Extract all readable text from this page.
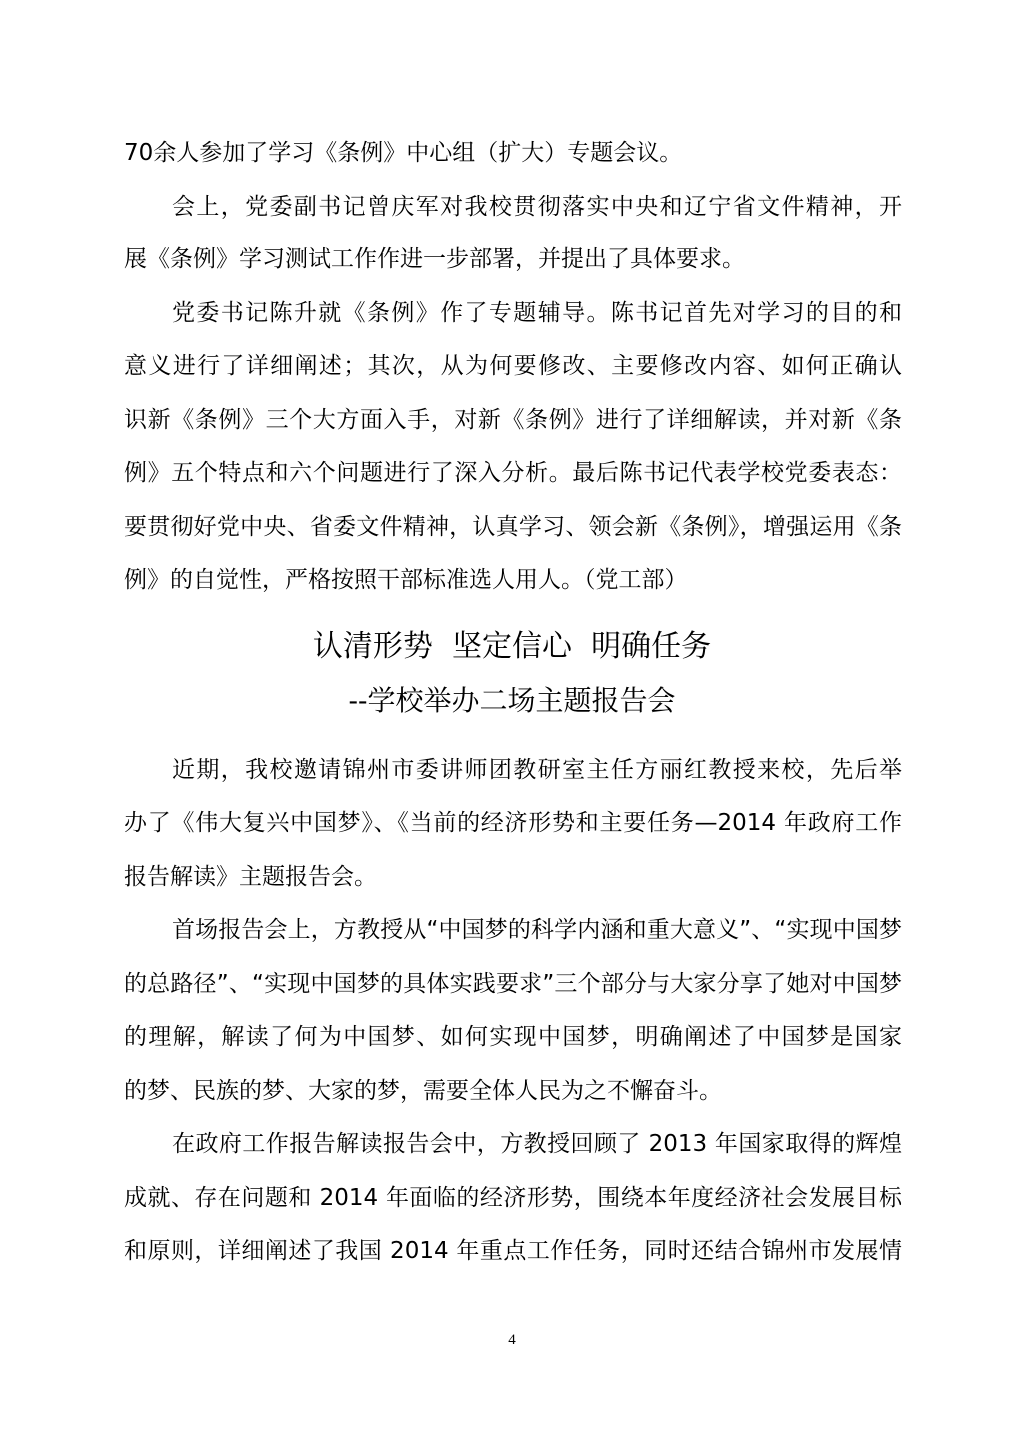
70余人参加了学习《条例》中心组（扩大）专题会议。
会上，党委副书记曾庆军对我校贯彻落实中央和辽宁省文件精神，开
展《条例》学习测试工作作进一步部署，并提出了具体要求。
党委书记陈升就《条例》作了专题辅导。陈书记首先对学习的目的和
意义进行了详细阐述；其次，从为何要修改、主要修改内容、如何正确认
识新《条例》三个大方面入手，对新《条例》进行了详细解读，并对新《条
例》五个特点和六个问题进行了深入分析。最后陈书记代表学校党委表态：
要贯彻好党中央、省委文件精神，认真学习、领会新《条例》，增强运用《条
例》的自觉性，严格按照干部标准选人用人。（党工部）
认清形势  坚定信心  明确任务
--学校举办二场主题报告会
近期，我校邀请锦州市委讲师团教研室主任方丽红教授来校，先后举
办了《伟大复兴中国梦》、《当前的经济形势和主要任务—2014 年政府工作
报告解读》主题报告会。
首场报告会上，方教授从“中国梦的科学内涵和重大意义”、“实现中国梦
的总路径”、“实现中国梦的具体实践要求”三个部分与大家分享了她对中国梦
的理解，解读了何为中国梦、如何实现中国梦，明确阐述了中国梦是国家
的梦、民族的梦、大家的梦，需要全体人民为之不懈奋斗。
在政府工作报告解读报告会中，方教授回顾了 2013 年国家取得的辉煌
成就、存在问题和 2014 年面临的经济形势，围绕本年度经济社会发展目标
和原则，详细阐述了我国 2014 年重点工作任务，同时还结合锦州市发展情
4
